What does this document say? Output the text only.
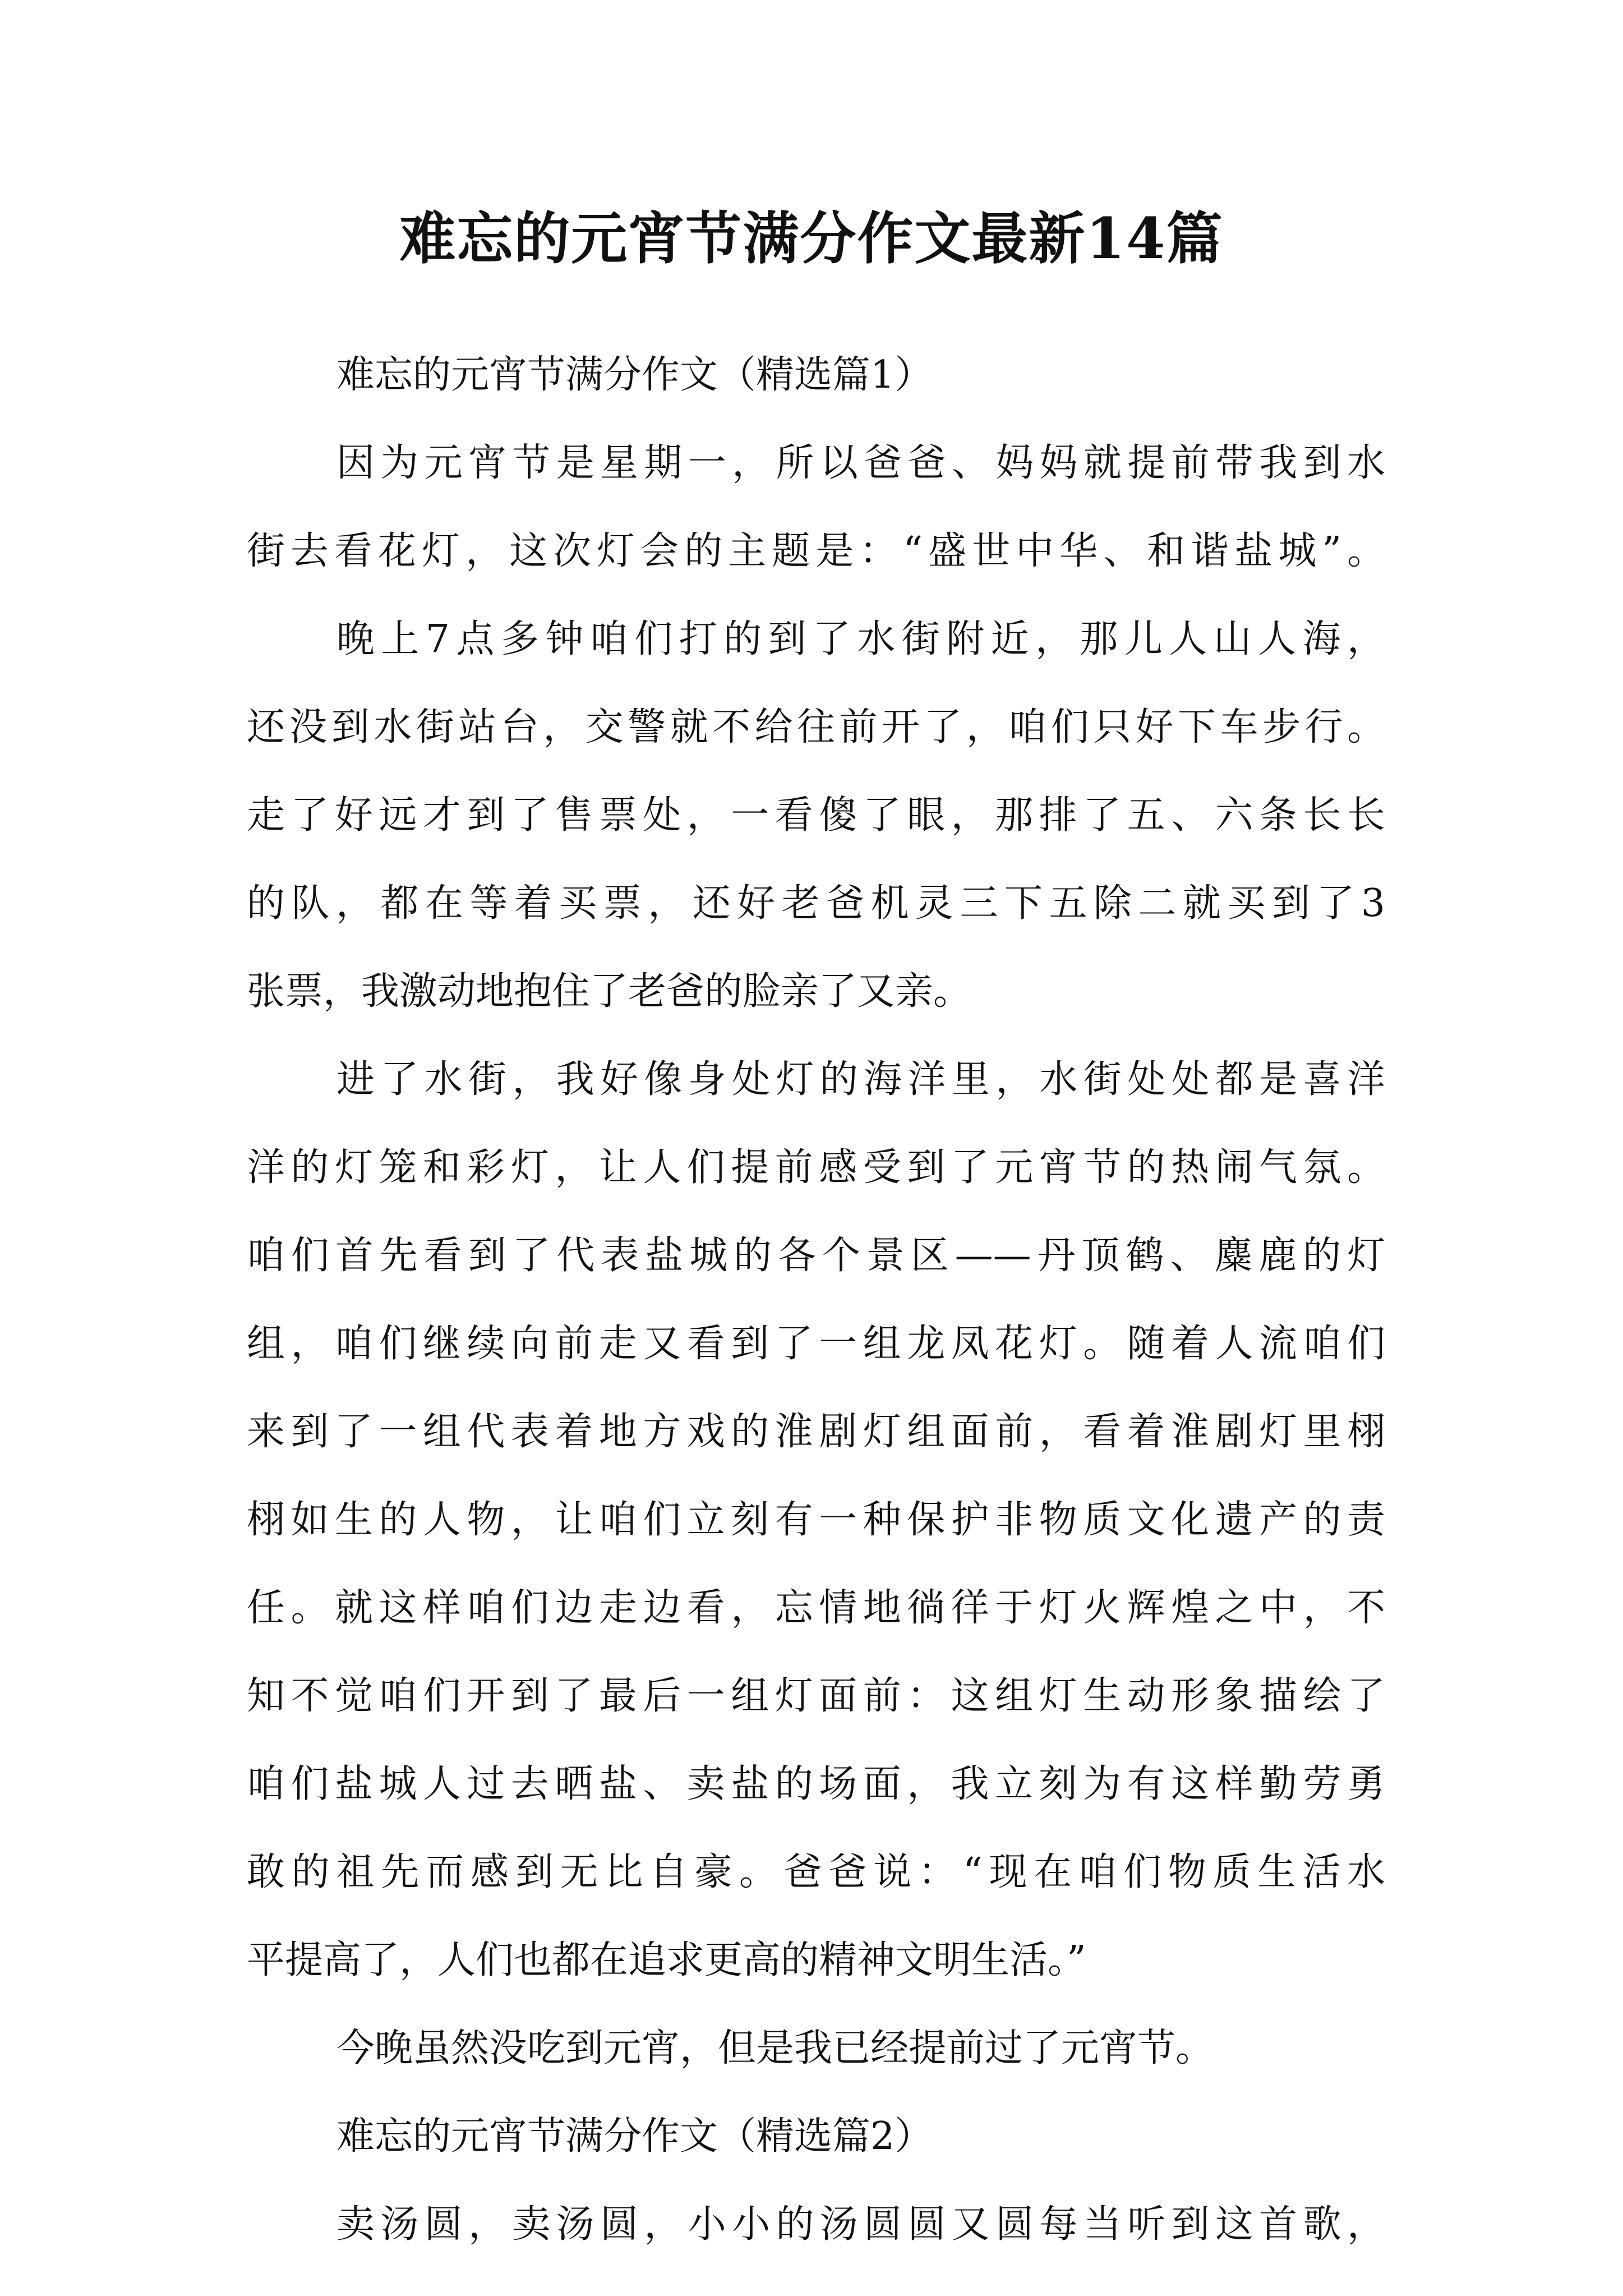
难忘的元宵节满分作文最新14篇
难忘的元宵节满分作文（精选篇1）
因为元宵节是星期一，所以爸爸、妈妈就提前带我到水
街去看花灯，这次灯会的主题是：“盛世中华、和谐盐城”。
晚上7点多钟咱们打的到了水街附近，那儿人山人海，
还没到水街站台，交警就不给往前开了，咱们只好下车步行。
走了好远才到了售票处，一看傻了眼，那排了五、六条长长
的队，都在等着买票，还好老爸机灵三下五除二就买到了3
张票，我激动地抱住了老爸的脸亲了又亲。
进了水街，我好像身处灯的海洋里，水街处处都是喜洋
洋的灯笼和彩灯，让人们提前感受到了元宵节的热闹气氛。
咱们首先看到了代表盐城的各个景区——丹顶鹤、麋鹿的灯
组，咱们继续向前走又看到了一组龙凤花灯。随着人流咱们
来到了一组代表着地方戏的淮剧灯组面前，看着淮剧灯里栩
栩如生的人物，让咱们立刻有一种保护非物质文化遗产的责
任。就这样咱们边走边看，忘情地徜徉于灯火辉煌之中，不
知不觉咱们开到了最后一组灯面前：这组灯生动形象描绘了
咱们盐城人过去晒盐、卖盐的场面，我立刻为有这样勤劳勇
敢的祖先而感到无比自豪。爸爸说：“现在咱们物质生活水
平提高了，人们也都在追求更高的精神文明生活。”
今晚虽然没吃到元宵，但是我已经提前过了元宵节。
难忘的元宵节满分作文（精选篇2）
卖汤圆，卖汤圆，小小的汤圆圆又圆每当听到这首歌，
